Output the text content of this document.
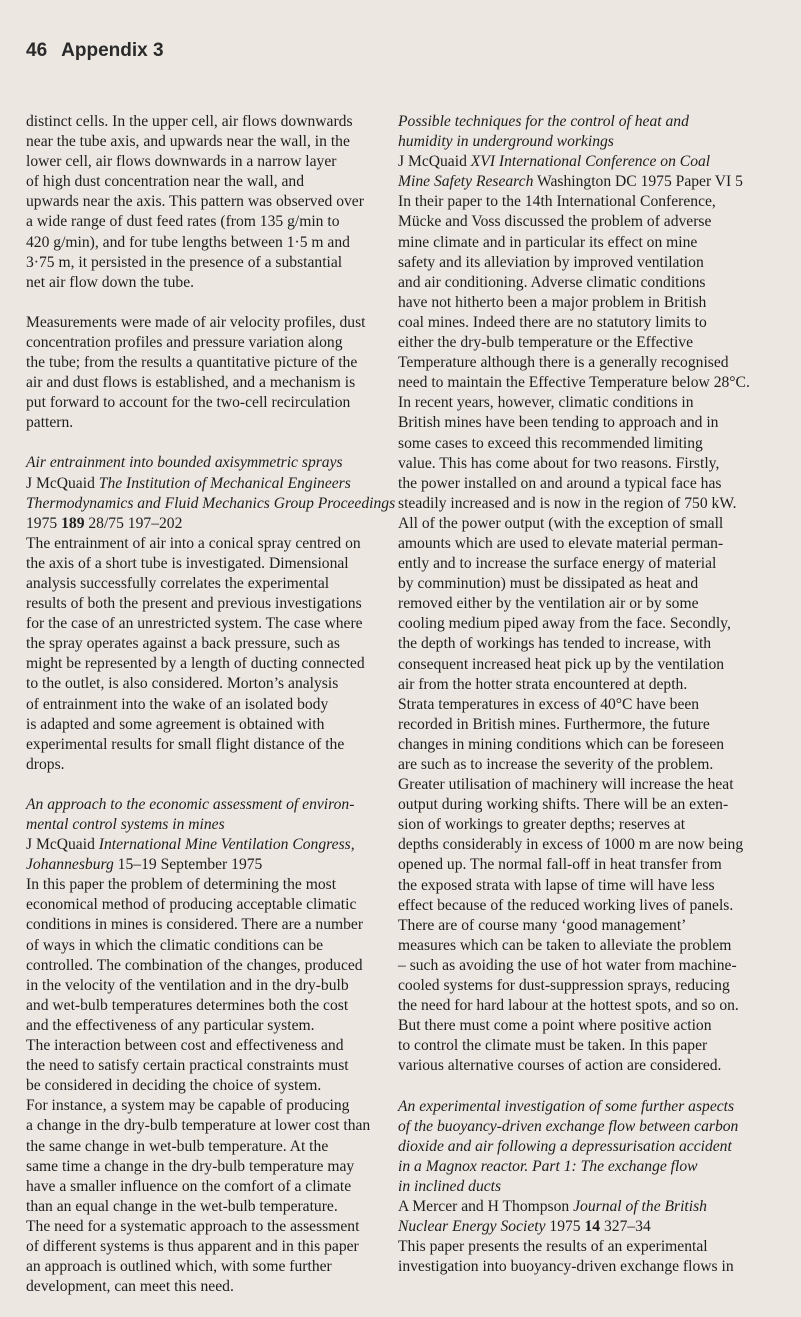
46 Appendix 3
distinct cells. In the upper cell, air flows downwards
near the tube axis, and upwards near the wall, in the
lower cell, air flows downwards in a narrow layer
of high dust concentration near the wall, and
upwards near the axis. This pattern was observed over
a wide range of dust feed rates (from 135 g/min to
420 g/min), and for tube lengths between 1·5 m and
3·75 m, it persisted in the presence of a substantial
net air flow down the tube.
Measurements were made of air velocity profiles, dust
concentration profiles and pressure variation along
the tube; from the results a quantitative picture of the
air and dust flows is established, and a mechanism is
put forward to account for the two-cell recirculation
pattern.
Air entrainment into bounded axisymmetric sprays
J McQuaid The Institution of Mechanical Engineers
Thermodynamics and Fluid Mechanics Group Proceedings
1975 189 28/75 197–202
The entrainment of air into a conical spray centred on
the axis of a short tube is investigated. Dimensional
analysis successfully correlates the experimental
results of both the present and previous investigations
for the case of an unrestricted system. The case where
the spray operates against a back pressure, such as
might be represented by a length of ducting connected
to the outlet, is also considered. Morton’s analysis
of entrainment into the wake of an isolated body
is adapted and some agreement is obtained with
experimental results for small flight distance of the
drops.
An approach to the economic assessment of environ-
mental control systems in mines
J McQuaid International Mine Ventilation Congress,
Johannesburg 15–19 September 1975
In this paper the problem of determining the most
economical method of producing acceptable climatic
conditions in mines is considered. There are a number
of ways in which the climatic conditions can be
controlled. The combination of the changes, produced
in the velocity of the ventilation and in the dry-bulb
and wet-bulb temperatures determines both the cost
and the effectiveness of any particular system.
The interaction between cost and effectiveness and
the need to satisfy certain practical constraints must
be considered in deciding the choice of system.
For instance, a system may be capable of producing
a change in the dry-bulb temperature at lower cost than
the same change in wet-bulb temperature. At the
same time a change in the dry-bulb temperature may
have a smaller influence on the comfort of a climate
than an equal change in the wet-bulb temperature.
The need for a systematic approach to the assessment
of different systems is thus apparent and in this paper
an approach is outlined which, with some further
development, can meet this need.
Possible techniques for the control of heat and
humidity in underground workings
J McQuaid XVI International Conference on Coal
Mine Safety Research Washington DC 1975 Paper VI 5
In their paper to the 14th International Conference,
Mücke and Voss discussed the problem of adverse
mine climate and in particular its effect on mine
safety and its alleviation by improved ventilation
and air conditioning. Adverse climatic conditions
have not hitherto been a major problem in British
coal mines. Indeed there are no statutory limits to
either the dry-bulb temperature or the Effective
Temperature although there is a generally recognised
need to maintain the Effective Temperature below 28°C.
In recent years, however, climatic conditions in
British mines have been tending to approach and in
some cases to exceed this recommended limiting
value. This has come about for two reasons. Firstly,
the power installed on and around a typical face has
steadily increased and is now in the region of 750 kW.
All of the power output (with the exception of small
amounts which are used to elevate material perman-
ently and to increase the surface energy of material
by comminution) must be dissipated as heat and
removed either by the ventilation air or by some
cooling medium piped away from the face. Secondly,
the depth of workings has tended to increase, with
consequent increased heat pick up by the ventilation
air from the hotter strata encountered at depth.
Strata temperatures in excess of 40°C have been
recorded in British mines. Furthermore, the future
changes in mining conditions which can be foreseen
are such as to increase the severity of the problem.
Greater utilisation of machinery will increase the heat
output during working shifts. There will be an exten-
sion of workings to greater depths; reserves at
depths considerably in excess of 1000 m are now being
opened up. The normal fall-off in heat transfer from
the exposed strata with lapse of time will have less
effect because of the reduced working lives of panels.
There are of course many ‘good management’
measures which can be taken to alleviate the problem
– such as avoiding the use of hot water from machine-
cooled systems for dust-suppression sprays, reducing
the need for hard labour at the hottest spots, and so on.
But there must come a point where positive action
to control the climate must be taken. In this paper
various alternative courses of action are considered.
An experimental investigation of some further aspects
of the buoyancy-driven exchange flow between carbon
dioxide and air following a depressurisation accident
in a Magnox reactor. Part 1: The exchange flow
in inclined ducts
A Mercer and H Thompson Journal of the British
Nuclear Energy Society 1975 14 327–34
This paper presents the results of an experimental
investigation into buoyancy-driven exchange flows in
